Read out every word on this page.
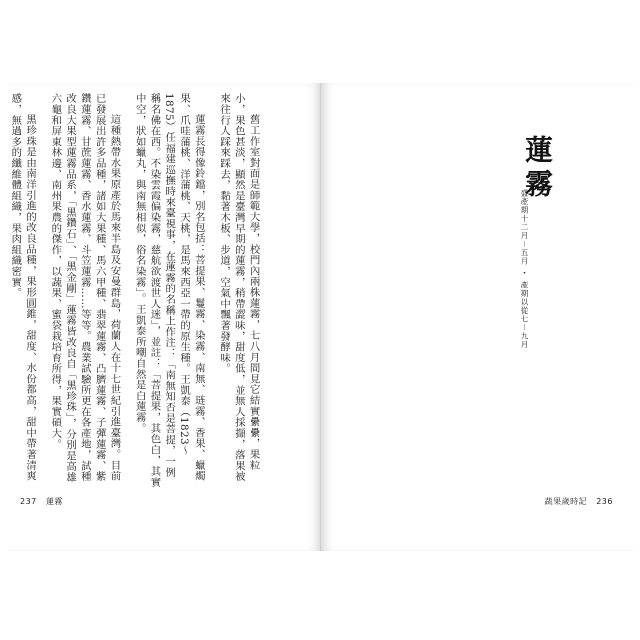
舊工作室對面是師範大學，校門內兩株蓮霧，七八月間見它結實纍纍，果粒小，果色甚淡，顯然是臺灣早期的蓮霧，稍帶澀味，甜度低，並無人採擷，落果被來往行人踩來踩去，黏著木板、步道，空氣中飄著發酵味。

蓮霧長得像鈴鐺，別名包括：菩提果、鬘霧、染霧、南無、琏霧、香果、蠟燭果、爪哇蒲桃、洋蒲桃、天桃，是馬來西亞一帶的原生種。王凱泰（1823～1875）任福建巡撫時來臺視事，在蓮霧的名稱上作注：「南無知否是菩提，一例稱名佛在西。不染雲霞偏染霧，慈航欲渡世人迷」，並註：「菩提果，其色白，其實中空，狀如蠟丸，與南無相似，俗名染霧」。王凱泰所嘲自然是白蓮霧。

這種熱帶水果原產於馬來半島及安曼群島，荷蘭人在十七世紀引進臺灣。目前已發展出許多品種，諸如大果種、馬六甲種、翡翠蓮霧、凸臍蓮霧、子彈蓮霧、紫鑽蓮霧、甘蔗蓮霧、香水蓮霧、斗笠蓮霧……等等。農業試驗所更在各產地，試種改良大果型蓮霧品系，「黑鑽石」、「黑金剛」蓮霧皆改良自「黑珍珠」，分別是高雄六龜和屏東林邊、南州果農的傑作，以蔬果、蜜袋栽培育所得，果實碩大。

黑珍珠是由南洋引進的改良品種，果形圓錐，甜度、水份都高，甜中帶著清爽感，無過多的纖維體組織，果肉組織密實。

237 蓮霧
蓮霧
盛產期十二月－五月 ・ 產期以從七－九月
蔬果歲時記 236
